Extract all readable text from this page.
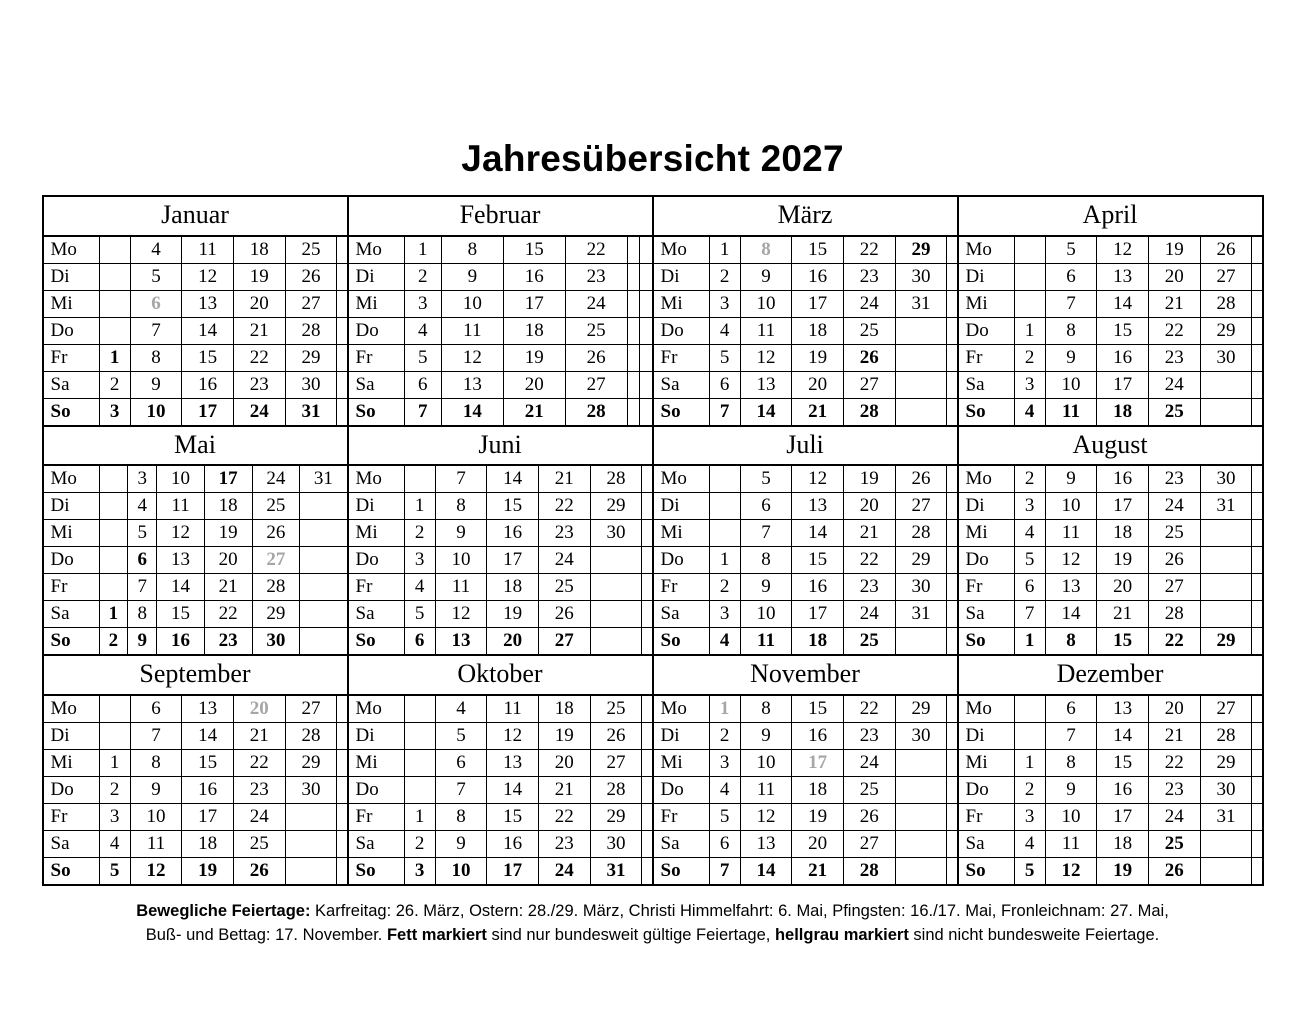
Jahresübersicht 2027
Januar
Mo		4	11	18	25	
Di		5	12	19	26	
Mi		6	13	20	27	
Do		7	14	21	28	
Fr	1	8	15	22	29	
Sa	2	9	16	23	30	
So	3	10	17	24	31	
Februar
Mo	1	8	15	22		
Di	2	9	16	23		
Mi	3	10	17	24		
Do	4	11	18	25		
Fr	5	12	19	26		
Sa	6	13	20	27		
So	7	14	21	28		
März
Mo	1	8	15	22	29	
Di	2	9	16	23	30	
Mi	3	10	17	24	31	
Do	4	11	18	25		
Fr	5	12	19	26		
Sa	6	13	20	27		
So	7	14	21	28		
April
Mo		5	12	19	26	
Di		6	13	20	27	
Mi		7	14	21	28	
Do	1	8	15	22	29	
Fr	2	9	16	23	30	
Sa	3	10	17	24		
So	4	11	18	25		
Mai
Mo		3	10	17	24	31
Di		4	11	18	25	
Mi		5	12	19	26	
Do		6	13	20	27	
Fr		7	14	21	28	
Sa	1	8	15	22	29	
So	2	9	16	23	30	
Juni
Mo		7	14	21	28	
Di	1	8	15	22	29	
Mi	2	9	16	23	30	
Do	3	10	17	24		
Fr	4	11	18	25		
Sa	5	12	19	26		
So	6	13	20	27		
Juli
Mo		5	12	19	26	
Di		6	13	20	27	
Mi		7	14	21	28	
Do	1	8	15	22	29	
Fr	2	9	16	23	30	
Sa	3	10	17	24	31	
So	4	11	18	25		
August
Mo	2	9	16	23	30	
Di	3	10	17	24	31	
Mi	4	11	18	25		
Do	5	12	19	26		
Fr	6	13	20	27		
Sa	7	14	21	28		
So	1	8	15	22	29	
September
Mo		6	13	20	27	
Di		7	14	21	28	
Mi	1	8	15	22	29	
Do	2	9	16	23	30	
Fr	3	10	17	24		
Sa	4	11	18	25		
So	5	12	19	26		
Oktober
Mo		4	11	18	25	
Di		5	12	19	26	
Mi		6	13	20	27	
Do		7	14	21	28	
Fr	1	8	15	22	29	
Sa	2	9	16	23	30	
So	3	10	17	24	31	
November
Mo	1	8	15	22	29	
Di	2	9	16	23	30	
Mi	3	10	17	24		
Do	4	11	18	25		
Fr	5	12	19	26		
Sa	6	13	20	27		
So	7	14	21	28		
Dezember
Mo		6	13	20	27	
Di		7	14	21	28	
Mi	1	8	15	22	29	
Do	2	9	16	23	30	
Fr	3	10	17	24	31	
Sa	4	11	18	25		
So	5	12	19	26		
Bewegliche Feiertage: Karfreitag: 26. März, Ostern: 28./29. März, Christi Himmelfahrt: 6. Mai, Pfingsten: 16./17. Mai, Fronleichnam: 27. Mai,
Buß- und Bettag: 17. November. Fett markiert sind nur bundesweit gültige Feiertage, hellgrau markiert sind nicht bundesweite Feiertage.
